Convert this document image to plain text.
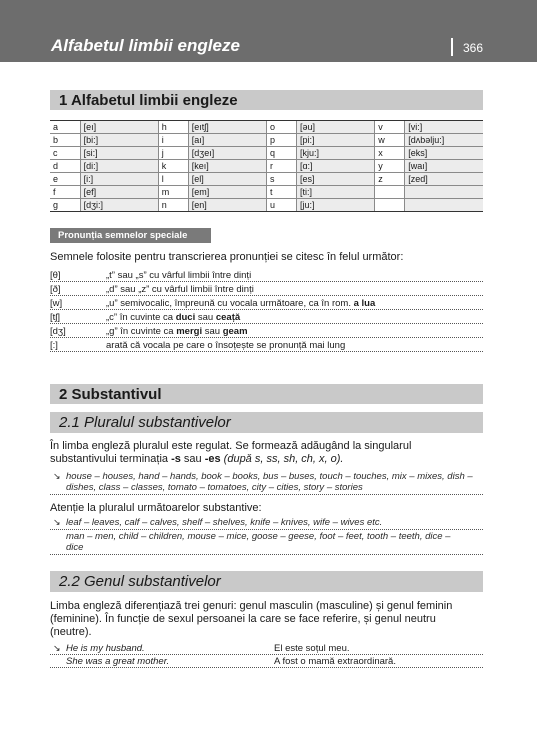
Alfabetul limbii engleze	366
1 Alfabetul limbii engleze
a	[eı]	h	[eıtʃ]	o	[əu]	v	[vi:]
b	[bi:]	i	[aı]	p	[pi:]	w	[dʌbəlju:]
c	[si:]	j	[dʒeı]	q	[kju:]	x	[eks]
d	[di:]	k	[keı]	r	[ɑ:]	y	[waı]
e	[i:]	l	[el]	s	[es]	z	[zed]
f	[ef]	m	[em]	t	[ti:]		
g	[dʒi:]	n	[en]	u	[ju:]		
Pronunția semnelor speciale
Semnele folosite pentru transcrierea pronunției se citesc în felul următor:
[θ]	„t” sau „s” cu vârful limbii între dinți
[ð]	„d” sau „z” cu vârful limbii între dinți
[w]	„u” semivocalic, împreună cu vocala următoare, ca în rom. a lua
[tʃ]	„c” în cuvinte ca duci sau ceață
[dʒ]	„g” în cuvinte ca mergi sau geam
[:]	arată că vocala pe care o însoțește se pronunță mai lung
2 Substantivul
2.1 Pluralul substantivelor
În limba engleză pluralul este regulat. Se formează adăugând la singularul
substantivului terminația -s sau -es (după s, ss, sh, ch, x, o).
↘ house – houses, hand – hands, book – books, bus – buses, touch – touches, mix – mixes, dish –
dishes, class – classes, tomato – tomatoes, city – cities, story – stories
Atenție la pluralul următoarelor substantive:
↘ leaf – leaves, calf – calves, shelf – shelves, knife – knives, wife – wives etc.
man – men, child – children, mouse – mice, goose – geese, foot – feet, tooth – teeth, dice –
dice
2.2 Genul substantivelor
Limba engleză diferențiază trei genuri: genul masculin (masculine) și genul feminin
(feminine). În funcție de sexul persoanei la care se face referire, și genul neutru
(neutre).
↘ He is my husband.	El este soțul meu.
She was a great mother.	A fost o mamă extraordinară.
